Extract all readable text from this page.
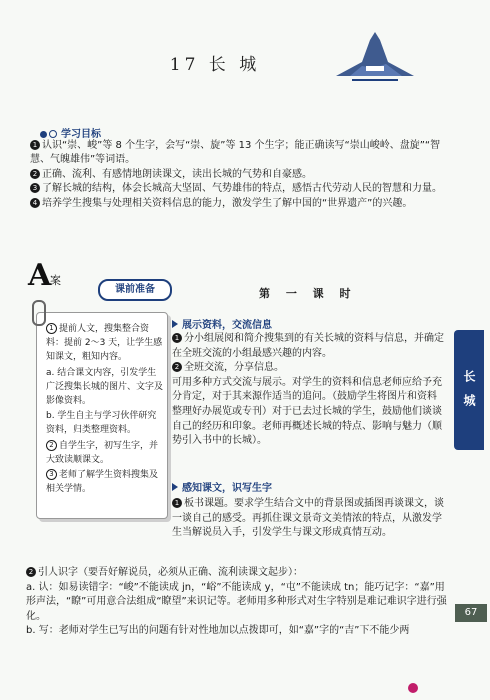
17 长 城
学习目标

1 认识“崇、峻”等 8 个生字，会写“崇、旋”等 13 个生字；能正确读写“崇山峻岭、盘旋”“智慧、气魄雄伟”等词语。

2 正确、流利、有感情地朗读课文，读出长城的气势和自豪感。

3 了解长城的结构，体会长城高大坚固、气势雄伟的特点，感悟古代劳动人民的智慧和力量。

4 培养学生搜集与处理相关资料信息的能力，激发学生了解中国的“世界遗产”的兴趣。

A
案
课前准备

1 提前人文，搜集整合资料：提前 2～3 天，让学生感知课文，粗知内容。

a. 结合课文内容，引发学生广泛搜集长城的图片、文字及影像资料。

b. 学生自主与学习伙伴研究资料，归类整理资料。

2 自学生字，初写生字，并大致读顺课文。

3 老师了解学生资料搜集及相关学情。

第 一 课 时
展示资料，交流信息

1 分小组展阅和简介搜集到的有关长城的资料与信息，并确定在全班交流的小组最感兴趣的内容。

2 全班交流，分享信息。

可用多种方式交流与展示。对学生的资料和信息老师应给予充分肯定，对于其来源作适当的追问。（鼓励学生将图片和资料整理好办展览或专刊）对于已去过长城的学生，鼓励他们谈谈自己的经历和印象。老师再概述长城的特点、影响与魅力（顺势引入书中的长城）。

感知课文，识写生字

1 板书课题。要求学生结合文中的背景图或插图再谈课文，谈一谈自己的感受。再抓住课文景奇文美情浓的特点，从激发学生当解说员入手，引发学生与课文形成真情互动。

2 引人识字（要吾好解说员，必须从正确、流利读课文起步）：

a. 认：如易读错字：“峻”不能读成 jn，“峪”不能读成 y，“屯”不能读成 tn；能巧记字：“嘉”用形声法，“瞭”可用意合法组成“瞭望”来识记等。老师用多种形式对生字特别是难记难识字进行强化。

b. 写：老师对学生已写出的问题有针对性地加以点拨即可，如“嘉”字的“吉”下不能少两

长 城
67
